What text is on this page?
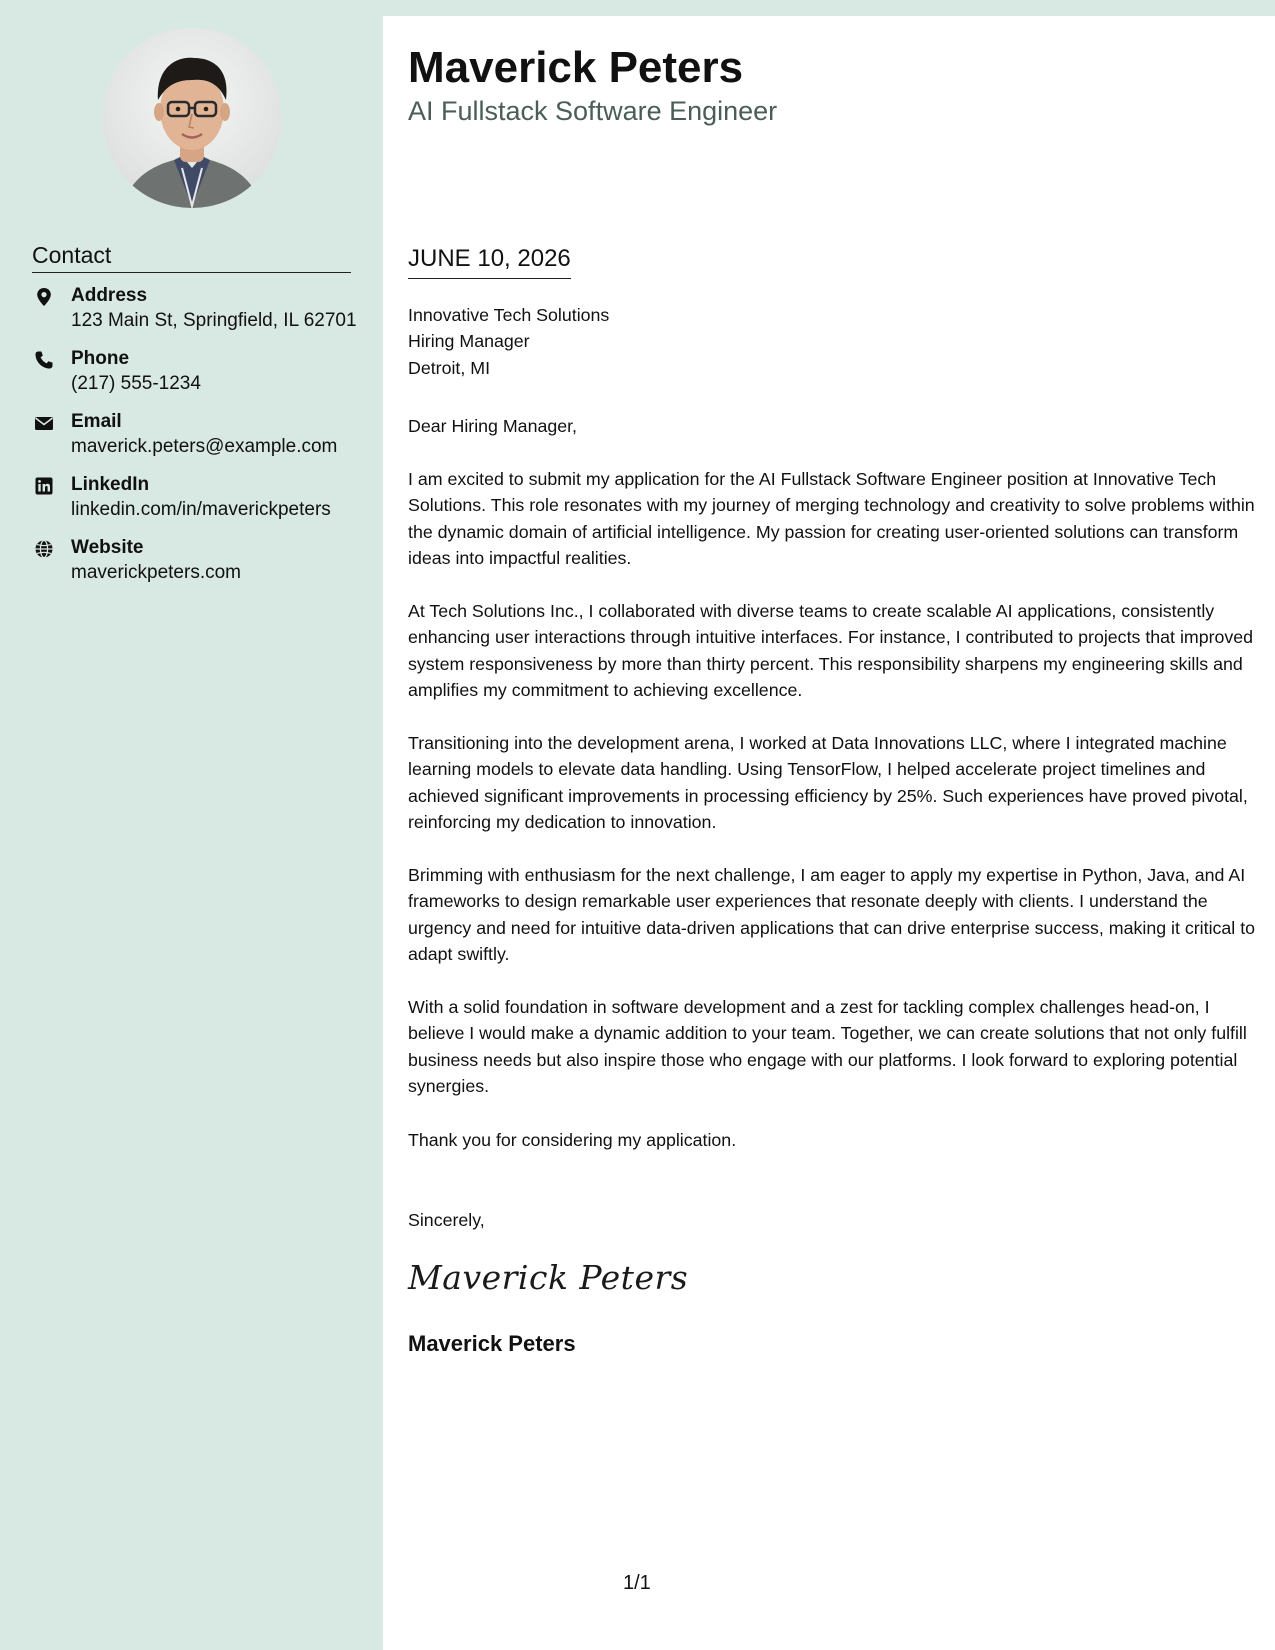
Contact
Address
123 Main St, Springfield, IL 62701
Phone
(217) 555-1234
Email
maverick.peters@example.com
LinkedIn
linkedin.com/in/maverickpeters
Website
maverickpeters.com
Maverick Peters
AI Fullstack Software Engineer
JUNE 10, 2026
Innovative Tech Solutions
Hiring Manager
Detroit, MI
Dear Hiring Manager,

I am excited to submit my application for the AI Fullstack Software Engineer position at Innovative Tech Solutions. This role resonates with my journey of merging technology and creativity to solve problems within the dynamic domain of artificial intelligence. My passion for creating user-oriented solutions can transform ideas into impactful realities.

At Tech Solutions Inc., I collaborated with diverse teams to create scalable AI applications, consistently enhancing user interactions through intuitive interfaces. For instance, I contributed to projects that improved system responsiveness by more than thirty percent. This responsibility sharpens my engineering skills and amplifies my commitment to achieving excellence.

Transitioning into the development arena, I worked at Data Innovations LLC, where I integrated machine learning models to elevate data handling. Using TensorFlow, I helped accelerate project timelines and achieved significant improvements in processing efficiency by 25%. Such experiences have proved pivotal, reinforcing my dedication to innovation.

Brimming with enthusiasm for the next challenge, I am eager to apply my expertise in Python, Java, and AI frameworks to design remarkable user experiences that resonate deeply with clients. I understand the urgency and need for intuitive data-driven applications that can drive enterprise success, making it critical to adapt swiftly.

With a solid foundation in software development and a zest for tackling complex challenges head-on, I believe I would make a dynamic addition to your team. Together, we can create solutions that not only fulfill business needs but also inspire those who engage with our platforms. I look forward to exploring potential synergies.

Thank you for considering my application.
Sincerely,
Maverick Peters
Maverick Peters
1/1
